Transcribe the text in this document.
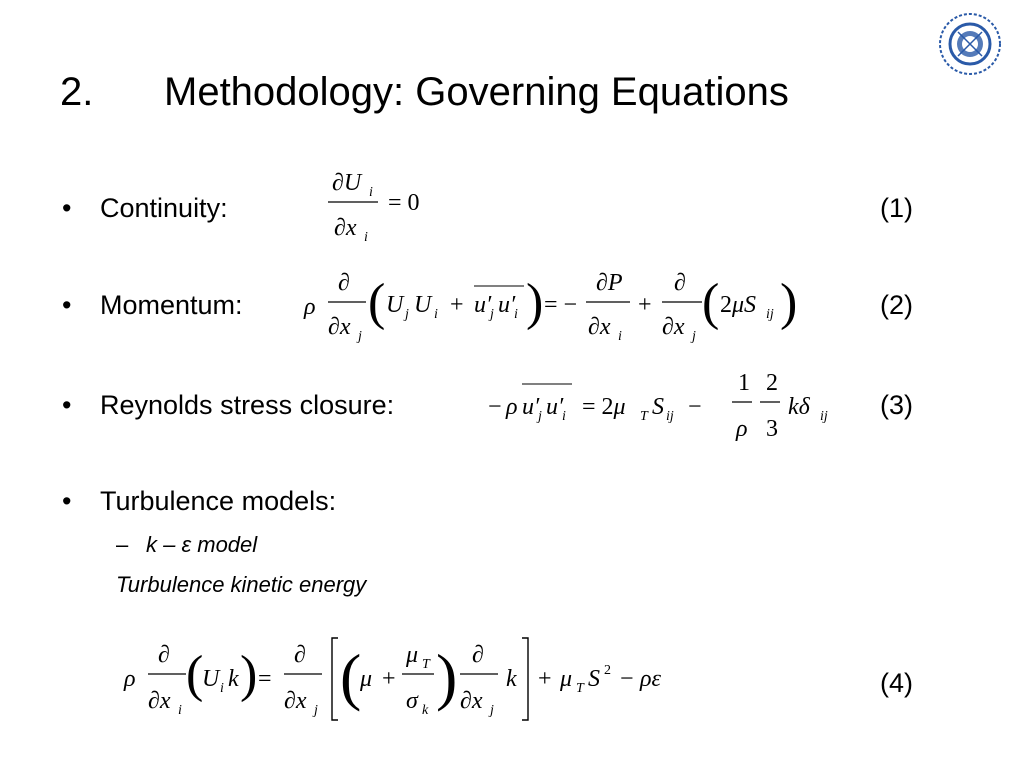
2. Methodology: Governing Equations
• Continuity:
∂U i
∂x i
= 0	(1)
• Momentum:	ρ
∂
∂x j
( U j U i + u′
j u′
i ) = −
∂P
∂x i
+
∂
∂x j
( 2μS ij )	(2)
• Reynolds stress closure:	− ρ u′
j u′
i = 2μ T S ij −
1
ρ
2
3
kδ ij (3)
• Turbulence models:
– k – ε model
Turbulence kinetic energy
ρ
∂
∂x i
(
U i k ) =
∂
∂x j (
μ +
μ T
σ k ) ∂
∂x j
k + μ T S 2 − ρε	(4)
